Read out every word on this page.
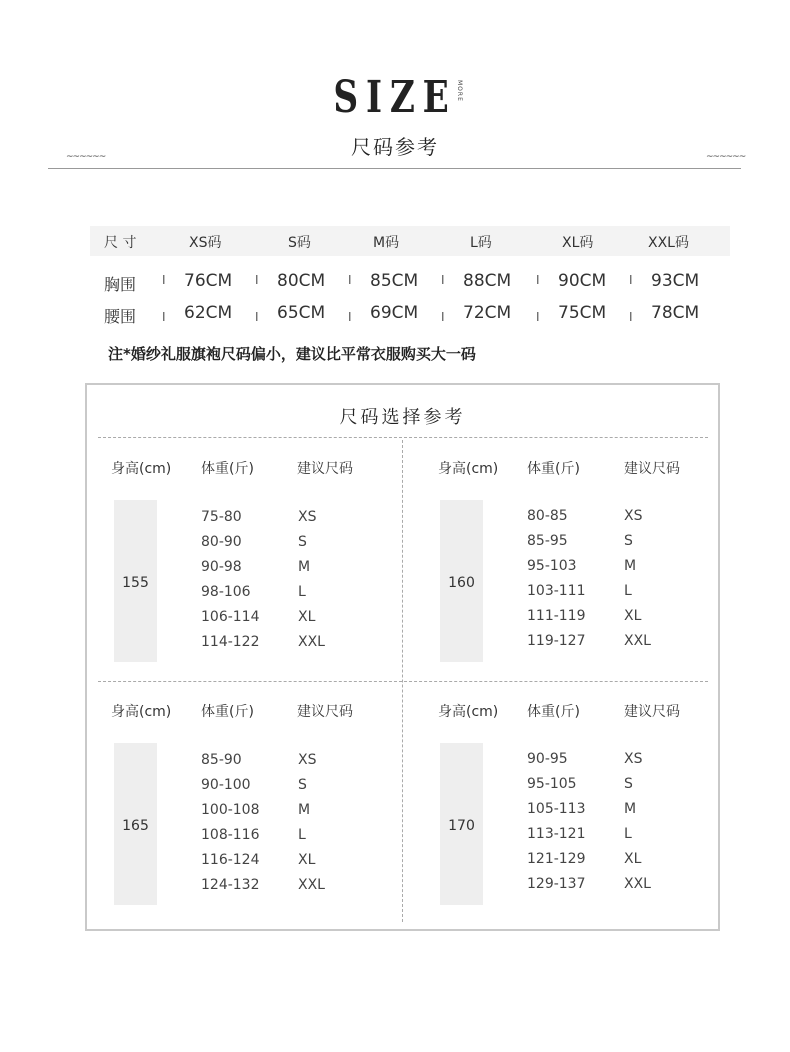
SIZE MORE
尺码参考
~~~~~~	~~~~~~
尺 寸	XS码	S码	M码	L码	XL码	XXL码
胸围 I 76CM I 80CM I 85CM I 88CM I 90CM I 93CM
腰围 I 62CM I 65CM I 69CM I 72CM I 75CM I 78CM
注*婚纱礼服旗袍尺码偏小，建议比平常衣服购买大一码
尺码选择参考
身高(cm) 体重(斤)	建议尺码
155
75-80	XS
80-90	S
90-98	M
98-106	L
106-114	XL
114-122	XXL
身高(cm) 体重(斤)	建议尺码
160
80-85	XS
85-95	S
95-103	M
103-111	L
111-119	XL
119-127	XXL
身高(cm) 体重(斤)	建议尺码
165
85-90	XS
90-100	S
100-108	M
108-116	L
116-124	XL
124-132	XXL
身高(cm) 体重(斤)	建议尺码
170
90-95	XS
95-105	S
105-113	M
113-121	L
121-129	XL
129-137	XXL
